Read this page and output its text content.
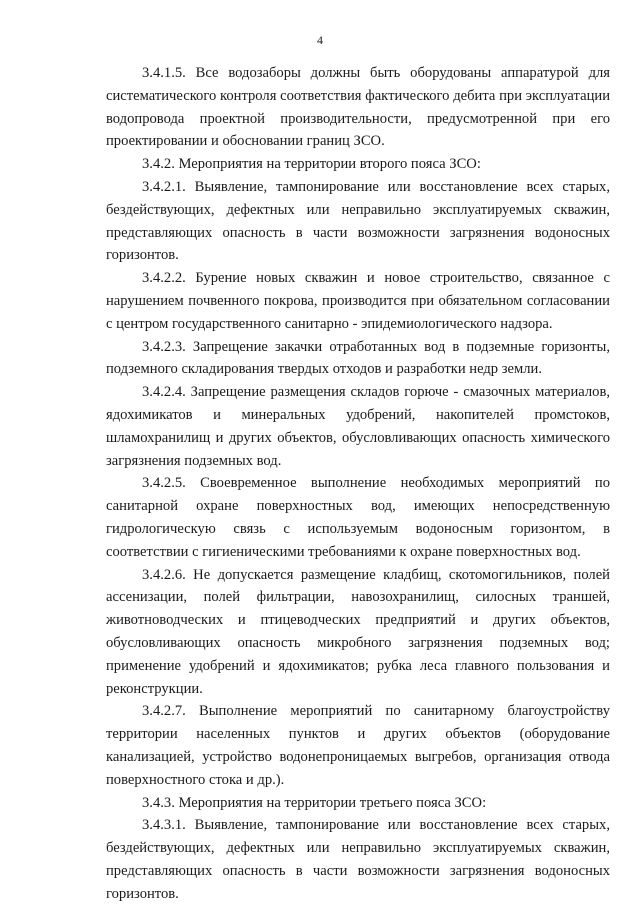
4

3.4.1.5. Все водозаборы должны быть оборудованы аппаратурой для систематического контроля соответствия фактического дебита при эксплуатации водопровода проектной производительности, предусмотренной при его проектировании и обосновании границ ЗСО.

3.4.2. Мероприятия на территории второго пояса ЗСО:

3.4.2.1. Выявление, тампонирование или восстановление всех старых, бездействующих, дефектных или неправильно эксплуатируемых скважин, представляющих опасность в части возможности загрязнения водоносных горизонтов.

3.4.2.2. Бурение новых скважин и новое строительство, связанное с нарушением почвенного покрова, производится при обязательном согласовании с центром государственного санитарно - эпидемиологического надзора.

3.4.2.3. Запрещение закачки отработанных вод в подземные горизонты, подземного складирования твердых отходов и разработки недр земли.

3.4.2.4. Запрещение размещения складов горюче - смазочных материалов, ядохимикатов и минеральных удобрений, накопителей промстоков, шламохранилищ и других объектов, обусловливающих опасность химического загрязнения подземных вод.

3.4.2.5. Своевременное выполнение необходимых мероприятий по санитарной охране поверхностных вод, имеющих непосредственную гидрологическую связь с используемым водоносным горизонтом, в соответствии с гигиеническими требованиями к охране поверхностных вод.

3.4.2.6. Не допускается размещение кладбищ, скотомогильников, полей ассенизации, полей фильтрации, навозохранилищ, силосных траншей, животноводческих и птицеводческих предприятий и других объектов, обусловливающих опасность микробного загрязнения подземных вод; применение удобрений и ядохимикатов; рубка леса главного пользования и реконструкции.

3.4.2.7. Выполнение мероприятий по санитарному благоустройству территории населенных пунктов и других объектов (оборудование канализацией, устройство водонепроницаемых выгребов, организация отвода поверхностного стока и др.).

3.4.3. Мероприятия на территории третьего пояса ЗСО:

3.4.3.1. Выявление, тампонирование или восстановление всех старых, бездействующих, дефектных или неправильно эксплуатируемых скважин, представляющих опасность в части возможности загрязнения водоносных горизонтов.
